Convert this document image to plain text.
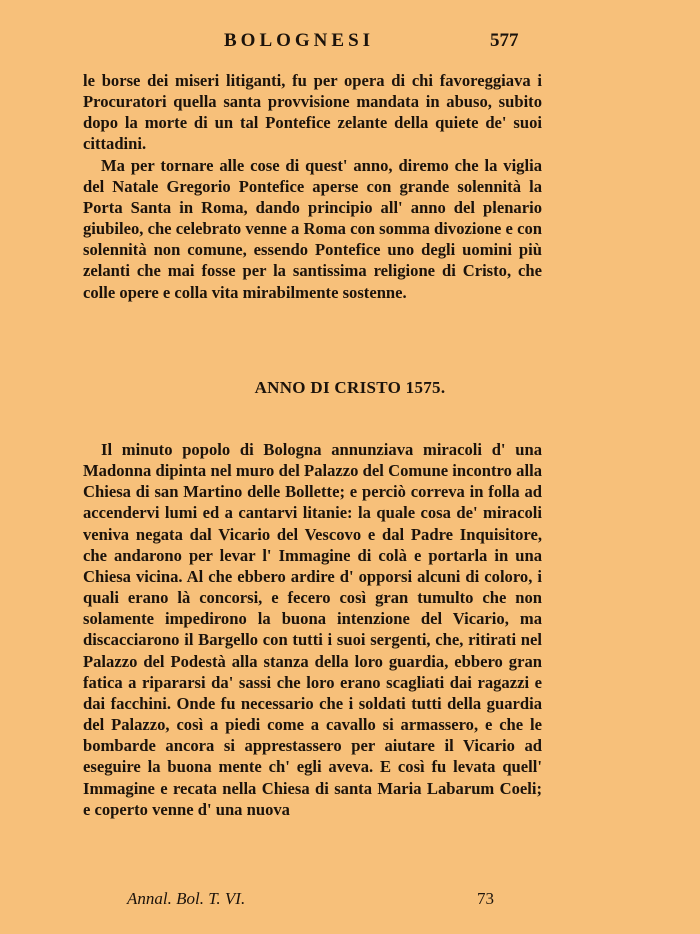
BOLOGNESI	577

le borse dei miseri litiganti, fu per opera di chi favoreggiava i Procuratori quella santa provvisione mandata in abuso, subito dopo la morte di un tal Pontefice zelante della quiete de' suoi cittadini.

Ma per tornare alle cose di quest' anno, diremo che la viglia del Natale Gregorio Pontefice aperse con grande solennità la Porta Santa in Roma, dando principio all' anno del plenario giubileo, che celebrato venne a Roma con somma divozione e con solennità non comune, essendo Pontefice uno degli uomini più zelanti che mai fosse per la santissima religione di Cristo, che colle opere e colla vita mirabilmente sostenne.

ANNO DI CRISTO 1575.

Il minuto popolo di Bologna annunziava miracoli d' una Madonna dipinta nel muro del Palazzo del Comune incontro alla Chiesa di san Martino delle Bollette; e perciò correva in folla ad accendervi lumi ed a cantarvi litanie: la quale cosa de' miracoli veniva negata dal Vicario del Vescovo e dal Padre Inquisitore, che andarono per levar l' Immagine di colà e portarla in una Chiesa vicina. Al che ebbero ardire d' opporsi alcuni di coloro, i quali erano là concorsi, e fecero così gran tumulto che non solamente impedirono la buona intenzione del Vicario, ma discacciarono il Bargello con tutti i suoi sergenti, che, ritirati nel Palazzo del Podestà alla stanza della loro guardia, ebbero gran fatica a ripararsi da' sassi che loro erano scagliati dai ragazzi e dai facchini. Onde fu necessario che i soldati tutti della guardia del Palazzo, così a piedi come a cavallo si armassero, e che le bombarde ancora si apprestassero per aiutare il Vicario ad eseguire la buona mente ch' egli aveva. E così fu levata quell' Immagine e recata nella Chiesa di santa Maria Labarum Coeli; e coperto venne d' una nuova

Annal. Bol. T. VI.	73
